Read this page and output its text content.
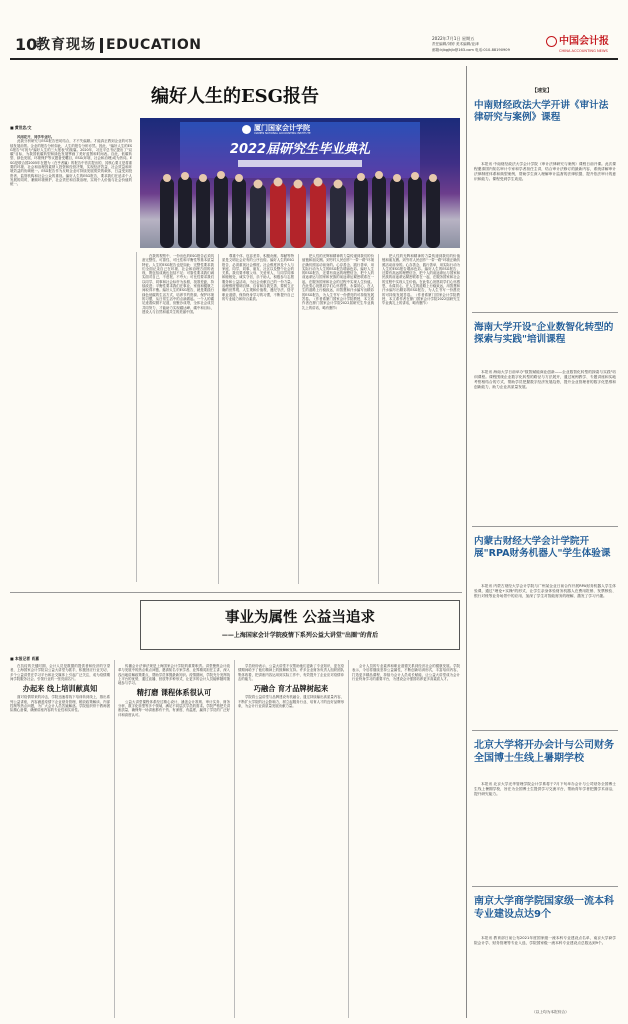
10
教育现场 EDUCATION	2022年7月1日 星期五
责任编辑/刘婷 美术编辑/亚津
邮箱:kjbgjhjb@163.com 电话:010-88190909
中国会计报
CHINA ACCOUNTING NEWS
编好人生的ESG报告
■ 黄世忠/文	厦门国家会计学院
XIAMEN NATIONAL ACCOUNTING INSTITUTE
2022届研究生毕业典礼

风雨花开，同学毕业时。

此我分析研究与ESG报告密切结合，才不失偏颇。才能真正教到企业的可持续发展前景。企业的报告分析如此，人生的报告分析亦然。因此，"编好人生的ESG报告"可视为"编好人生的三大报表"的续篇。2020年，习近平总书记提出了"双碳"目标，为我国低碳转型和绿色发展擘画了美好蓝图和时间表。自此，低碳转型、绿色发展、环境保护等议题备受瞩目，ESG(环境、社会和治理)成为热词。ESG是联合国2005年在题为《在乎者赢》的报告中首次提出的，其核心要义是将重要的环境、社会和治理因素纳入投资和经营决策，实现经济效益、社会效益和环境效益的协调统一。ESG报告作为反映企业可持续发展绩效的载体，日益受到投资者、监管机构和社会公众的重视。编好人生的ESG报告，要求我们在追求个人发展的同时，兼顾环境保护、社会责任和自我治理，实现个人价值与社会价值的统一。

在我的观察中，一份出色的ESG报告必须具备完整性、可靠性、可比性和平衡性等基本质量特征。人生的ESG报告也是如此：完整性要求我们全面记录自己在环境、社会和治理方面的表现，既包括成就也包括不足；可靠性要求我们诚实面对自己，不虚报、不夸大；可比性要求我们以同学、同事和社会标杆为参照，找准差距，持续改进；平衡性要求我们在事业、家庭和健康之间取得平衡。编好人生的ESG报告，就是要践行绿色低碳的生活方式，培养节约资源、保护环境的习惯，从日常生活中的点滴做起。一个人的碳足迹看似微不足道，但聚沙成塔，全体社会成员共同努力，才能助力实现碳达峰、碳中和目标，建设人与自然和谐共生的美丽中国。

尊重个体、包容差异，积极贡献、奉献等特质是文明社会应有的公序良俗。编好人生的ESG报告，必须重视社会维度。社会维度涉及个人与家庭、同学、同事、朋友、社区以及整个社会的关系。我们要孝敬父母、关爱家人，与同学同事和睦相处，诚实守信，乐于助人，积极参与志愿服务和公益活动，为社会贡献自己的一份力量。治理维度强调自律、自省和自我完善，要树立正确的世界观、人生观和价值观，遵纪守法，恪守职业道德，保持终身学习的习惯，不断提升自己的专业能力和综合素质。

把人性的光辉和精神的力量传递到我们的价值链和朋友圈。到穷村人民创作"一带一路"环境正确仿照活动前身的。心存善念、践行善举，用实际行动为人生的ESG报告增添色彩。编好人生的ESG报告，还要有高远的理想信念，把个人的前途命运与国家和民族的前途命运紧密联系在一起，在服务国家和社会的过程中实现人生价值。在此衷心祝愿同学们心怀感恩、永葆初心，在人生的道路上行稳致远，用智慧和汗水编写出精彩的ESG报告，为人生书写一份漂亮的可持续发展答卷。（作者系厦门国家会计学院教授，本文系作者在厦门国家会计学院2022届研究生毕业典礼上的讲话，略有删节）

把人性的光辉和精神的力量传递到我们的价值链和朋友圈。到穷村人民创作"一带一路"环境正确仿照活动前身的。心存善念、践行善举，用实际行动为人生的ESG报告增添色彩。编好人生的ESG报告，还要有高远的理想信念，把个人的前途命运与国家和民族的前途命运紧密联系在一起，在服务国家和社会的过程中实现人生价值。在此衷心祝愿同学们心怀感恩、永葆初心，在人生的道路上行稳致远，用智慧和汗水编写出精彩的ESG报告，为人生书写一份漂亮的可持续发展答卷。（作者系厦门国家会计学院教授，本文系作者在厦门国家会计学院2022届研究生毕业典礼上的讲话，略有删节）

事业为属性 公益当追求
——上海国家会计学院疫情下系列公益大讲堂"出圈"的背后
■ 本报记者 肖嘉

在抗疫的关键时期，会计人员是数据的提供者和经济的守望者，上海国家会计学院以公益大讲堂为抓手，积极回应行业关切，多个公益讲堂在学习平台和社交媒体上引起广泛关注，成为疫情期间学院服务社会、引领行业的一张亮丽名片。

办起来 线上培训献真知

面对疫情带来的冲击，学院迅速将线下培训转到线上，推出系列公益讲座，内容涵盖疫情下企业财务管理、税收政策解读、内部控制等热点问题，为广大会计人员答疑解惑。学院组织骨干教师团队精心备课，确保讲座内容的专业性和实用性。

传播会计法律法规是上海国家会计学院的重要职责。讲堂聚焦会计改革与发展中的热点难点问题，邀请知名专家学者、业界精英担任主讲，深入浅出地讲解政策要点，帮助学员掌握最新知识。疫情期间，学院充分发挥线上平台的优势，通过直播、回放等多种形式，让更多的会计人员能够随时随地参与学习。

精打磨 课程体系很认可

公益大讲堂课程体系经过精心设计，涵盖会计准则、审计实务、财务分析、数字化转型等多个领域，满足不同层次学员的需求。学院严格把关讲座质量，确保每一场讲座都有干货、有深度、有温度，赢得了学员的广泛好评和高度认可。

学员纷纷表示，公益大讲堂不仅帮助他们更新了专业知识，更在疫情期间给予了他们精神上的鼓舞和支持。许多企业财务负责人组织团队集体收看，把讲座内容运用到实际工作中，有效提升了企业应对疫情冲击的能力。

巧融合 育才品牌树起来

学院将公益讲堂与品牌建设有机融合，通过持续输出高质量内容，不断扩大学院的社会影响力，树立起服务行业、培育人才的良好品牌形象，为会计行业高质量发展贡献力量。

会计人员的专业素养和职业道德关系到经济社会的健康发展。学院表示，今后将继续坚持公益属性，不断创新培训形式，丰富培训内容，打造更多精品课程，持续为会计人员成长赋能，让公益大讲堂成为会计行业终身学习的重要平台，为建设会计强国培养更多高素质人才。

【速览】
中南财经政法大学开讲《审计法律研究与案例》课程

本报讯 中南财经政法大学会计学院《审计法律研究与案例》课程日前开课。此次课程邀请国内知名审计专家和学者担任主讲，结合审计法修订的最新内容，系统讲解审计法律制度体系和典型案例，帮助学生深入理解审计监督的法律依据，提升依法审计的意识和能力。课程受到学生欢迎。

海南大学开设"企业数智化转型的探索与实践"培训课程

本报讯 海南大学日前举办"数智赋能商业创新——企业数智化转型的探索与实践"培训课程。课程围绕企业数字化转型的路径与方法展开，通过案例教学、专题讲座和实地考察相结合的方式，帮助学员把握数字经济发展趋势，提升企业管理者的数字化思维和创新能力，助力企业高质量发展。

内蒙古财经大学会计学院开展"RPA财务机器人"学生体验课

本报讯 内蒙古财经大学会计学院与广州某企业日前合作开展RPA财务机器人学生体验课，通过"理论+实操"的形式，让学生亲身体验财务机器人在费用报销、发票核验、银行对账等业务场景中的应用，加深了学生对智能财务的理解，激发了学习兴趣。

北京大学将开办会计与公司财务全国博士生线上暑期学校

本报讯 北京大学光华管理学院会计学系将于7月下旬举办会计与公司财务全国博士生线上暑期学校，旨在为全国博士生提供学习交流平台，帮助青年学者把握学术前沿，提升研究能力。

南京大学商学院国家级一流本科专业建设点达9个

本报讯 教育部日前公布2021年度国家级一流本科专业建设点名单，南京大学商学院会计学、财务管理等专业入选，学院国家级一流本科专业建设点总数达到9个。

（以上均为本报综合）
